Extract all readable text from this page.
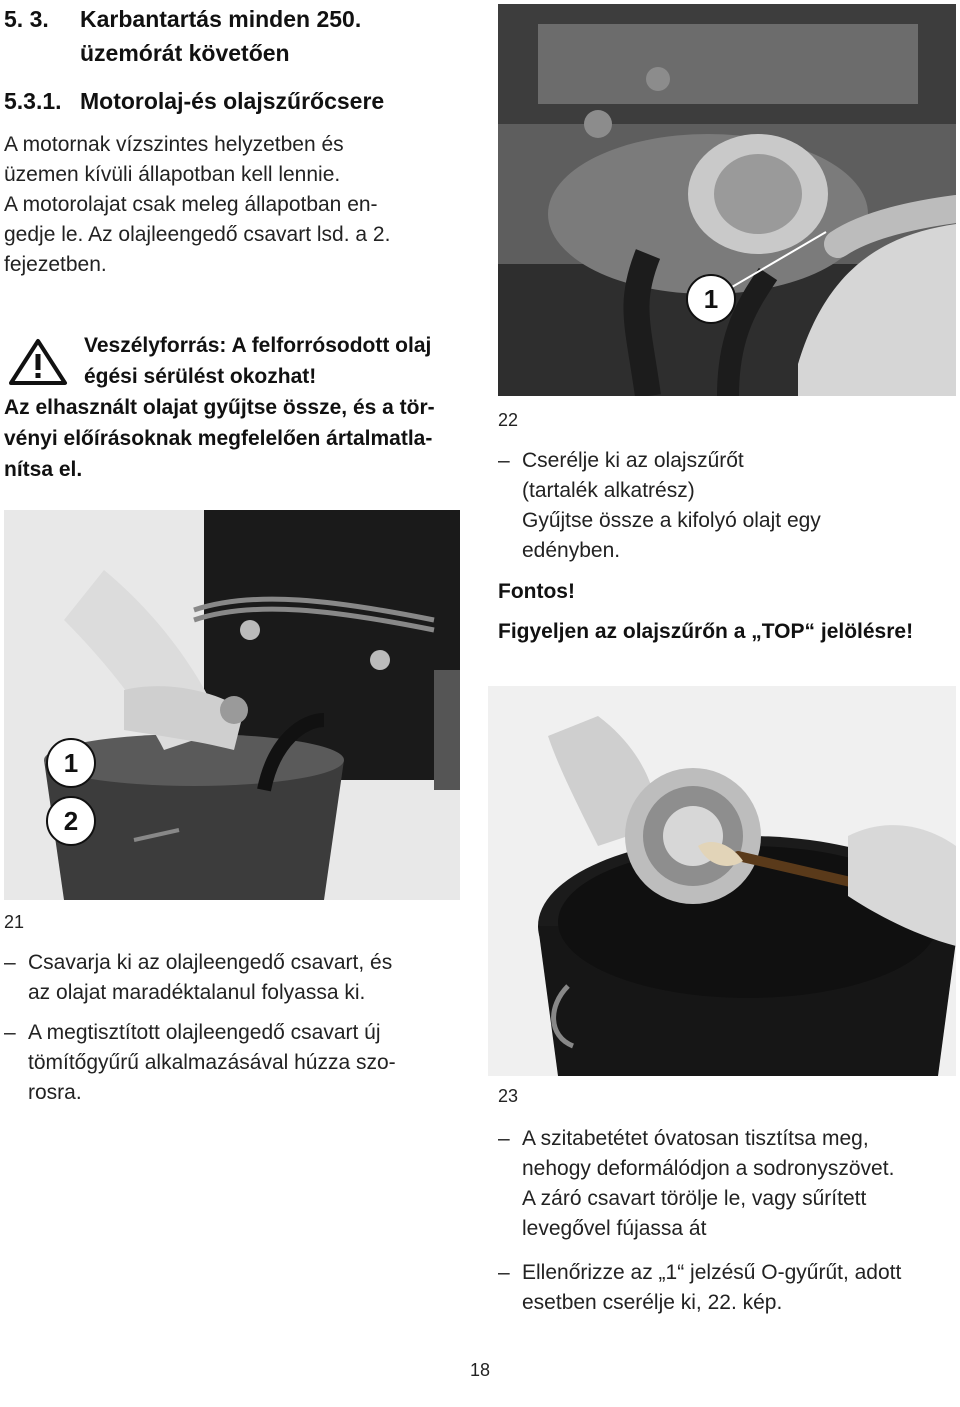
5. 3. Karbantartás minden 250.
üzemórát követően
5.3.1. Motorolaj-és olajszűrőcsere
A motornak vízszintes helyzetben és
üzemen kívüli állapotban kell lennie.
A motorolajat csak meleg állapotban en-
gedje le. Az olajleengedő csavart lsd. a 2.
fejezetben.
Veszélyforrás: A felforrósodott olaj
égési sérülést okozhat!
Az elhasznált olajat gyűjtse össze, és a tör-
vényi előírásoknak megfelelően ártalmatla-
nítsa el.
1
22
– Cserélje ki az olajszűrőt
(tartalék alkatrész)
Gyűjtse össze a kifolyó olajt egy
edényben.
Fontos!
Figyeljen az olajszűrőn a „TOP“ jelölésre!
1
2
21
– Csavarja ki az olajleengedő csavart, és
az olajat maradéktalanul folyassa ki.
– A megtisztított olajleengedő csavart új
tömítőgyűrű alkalmazásával húzza szo-
rosra.	23
– A szitabetétet óvatosan tisztítsa meg,
nehogy deformálódjon a sodronyszövet.
A záró csavart törölje le, vagy sűrített
levegővel fújassa át
– Ellenőrizze az „1“ jelzésű O-gyűrűt, adott
esetben cserélje ki, 22. kép.
18
